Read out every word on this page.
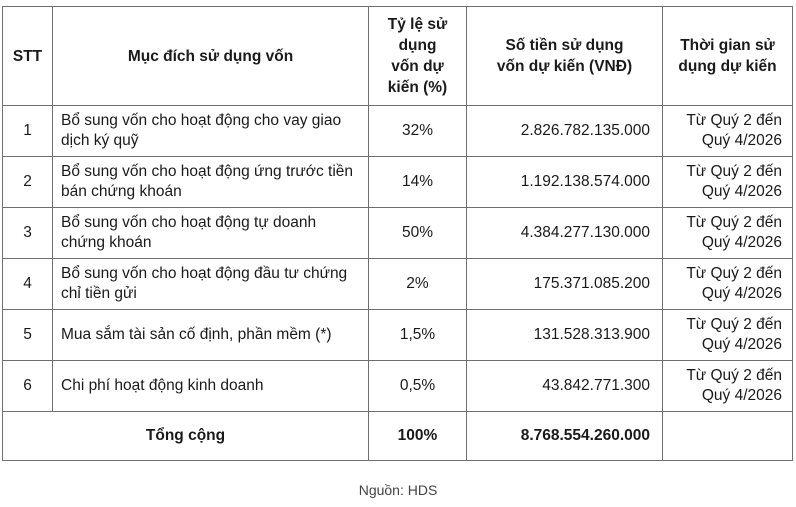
STT	Mục đích sử dụng vốn	Tỷ lệ sử dụng vốn dự kiến (%)	Số tiền sử dụng vốn dự kiến (VNĐ)	Thời gian sử dụng dự kiến
1	Bổ sung vốn cho hoạt động cho vay giao dịch ký quỹ	32%	2.826.782.135.000	Từ Quý 2 đến Quý 4/2026
2	Bổ sung vốn cho hoạt động ứng trước tiền bán chứng khoán	14%	1.192.138.574.000	Từ Quý 2 đến Quý 4/2026
3	Bổ sung vốn cho hoạt động tự doanh chứng khoán	50%	4.384.277.130.000	Từ Quý 2 đến Quý 4/2026
4	Bổ sung vốn cho hoạt động đầu tư chứng chỉ tiền gửi	2%	175.371.085.200	Từ Quý 2 đến Quý 4/2026
5	Mua sắm tài sản cố định, phần mềm (*)	1,5%	131.528.313.900	Từ Quý 2 đến Quý 4/2026
6	Chi phí hoạt động kinh doanh	0,5%	43.842.771.300	Từ Quý 2 đến Quý 4/2026
Tổng cộng		100%	8.768.554.260.000	
Nguồn: HDS
